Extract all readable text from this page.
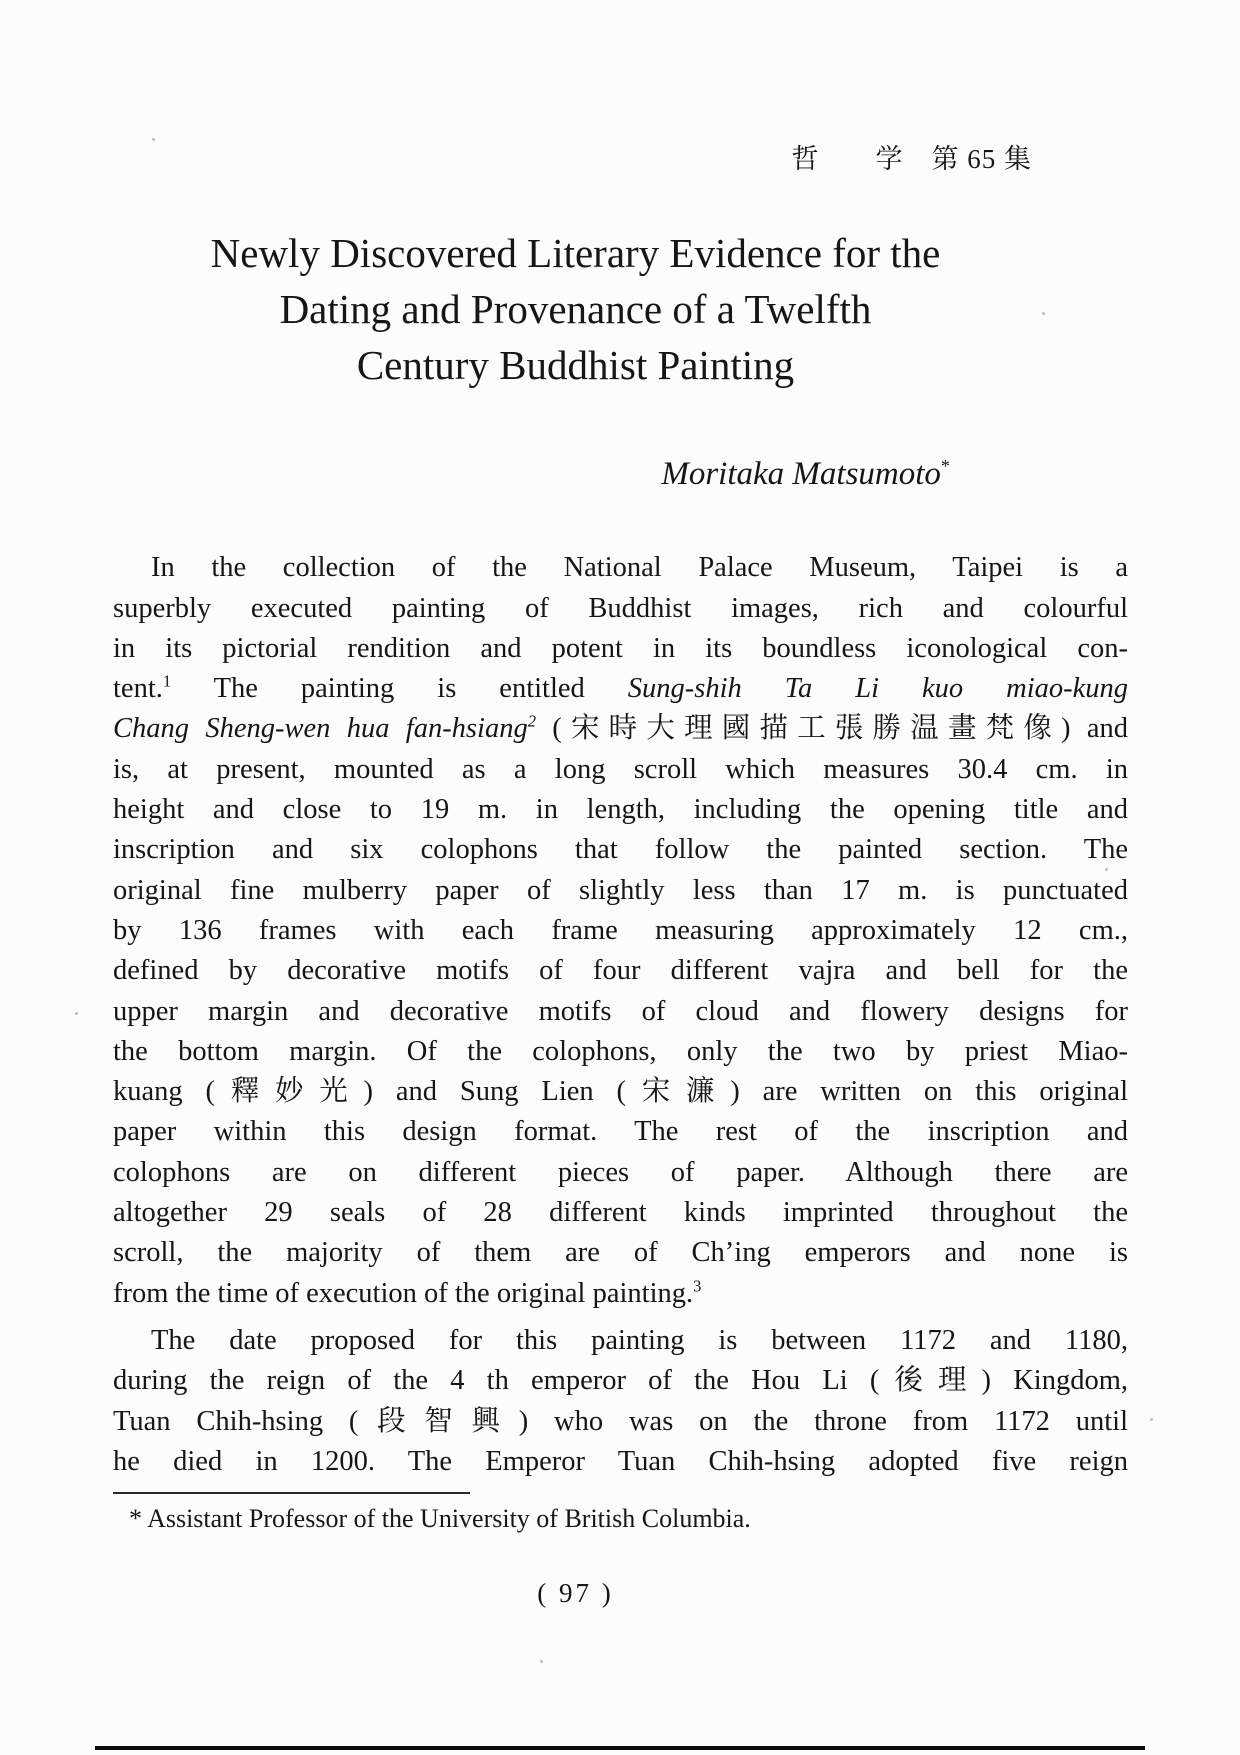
哲　　学　第 65 集
Newly Discovered Literary Evidence for the
Dating and Provenance of a Twelfth
Century Buddhist Painting
Moritaka Matsumoto*
In the collection of the National Palace Museum, Taipei is a
superbly executed painting of Buddhist images, rich and colourful
in its pictorial rendition and potent in its boundless iconological con-
tent.$^1$ The painting is entitled Sung-shih Ta Li kuo miao-kung
Chang Sheng-wen hua fan-hsiang$^2$ (宋時大理國描工張勝温畫梵像) and
is, at present, mounted as a long scroll which measures 30.4 cm. in
height and close to 19 m. in length, including the opening title and
inscription and six colophons that follow the painted section. The
original fine mulberry paper of slightly less than 17 m. is punctuated
by 136 frames with each frame measuring approximately 12 cm.,
defined by decorative motifs of four different vajra and bell for the
upper margin and decorative motifs of cloud and flowery designs for
the bottom margin. Of the colophons, only the two by priest Miao-
kuang (釋妙光) and Sung Lien (宋濂) are written on this original
paper within this design format. The rest of the inscription and
colophons are on different pieces of paper. Although there are
altogether 29 seals of 28 different kinds imprinted throughout the
scroll, the majority of them are of Ch’ing emperors and none is
from the time of execution of the original painting.$^3$
The date proposed for this painting is between 1172 and 1180,
during the reign of the 4 th emperor of the Hou Li (後理) Kingdom,
Tuan Chih-hsing (段智興) who was on the throne from 1172 until
he died in 1200. The Emperor Tuan Chih-hsing adopted five reign
* Assistant Professor of the University of British Columbia.
( 97 )
